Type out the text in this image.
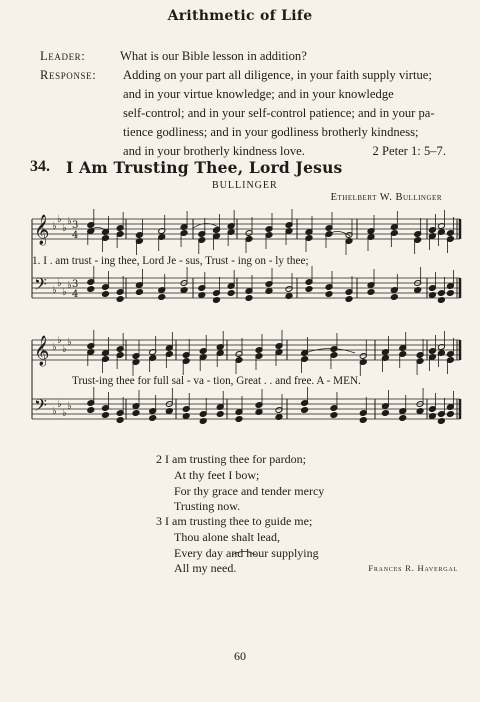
Arithmetic of Life
Leader:	What is our Bible lesson in addition?
Response: Adding on your part all diligence, in your faith supply virtue;
and in your virtue knowledge; and in your knowledge
self-control; and in your self-control patience; and in your pa-
tience godliness; and in your godliness brotherly kindness;
and in your brotherly kindness love.	2 Peter 1: 5–7.
34. I Am Trusting Thee, Lord Jesus
BULLINGER
Ethelbert W. Bullinger
𝄞
𝄢
♭
♭
♭
♭
♭
♭
♭
♭
3
4
3
4
𝄞
𝄢
♭
♭
♭
♭
♭
♭
♭
♭
1. I . am trust - ing thee, Lord Je - sus, Trust - ing on - ly thee;
Trust-ing thee for full sal - va - tion, Great . . and free. A - MEN.
2 I am trusting thee for pardon;
At thy feet I bow;
For thy grace and tender mercy
Trusting now.
3 I am trusting thee to guide me;
Thou alone shalt lead,
Every day and hour supplying
All my need.	Frances R. Havergal
60
